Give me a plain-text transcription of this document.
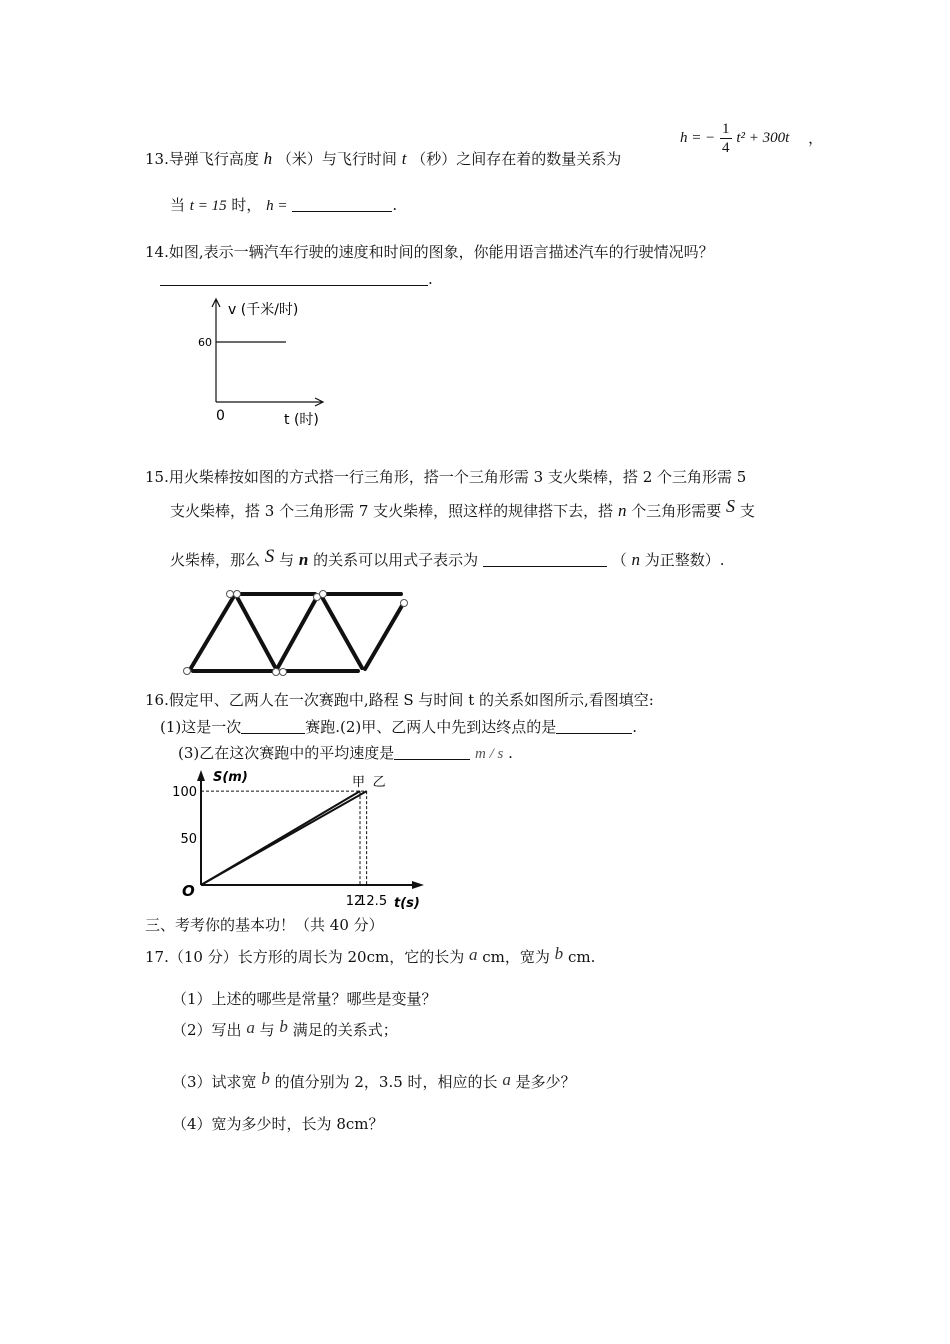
h = − $\frac{1}{4} t^2 + 300t$ ，
13.导弹飞行高度 h （米）与飞行时间 t （秒）之间存在着的数量关系为
当 t = 15 时， h =	.
14.如图,表示一辆汽车行驶的速度和时间的图象，你能用语言描述汽车的行驶情况吗？
.
v (千米/时)
60
0	t (时)
15.用火柴棒按如图的方式搭一行三角形，搭一个三角形需 3 支火柴棒，搭 2 个三角形需 5
支火柴棒，搭 3 个三角形需 7 支火柴棒，照这样的规律搭下去，搭 n 个三角形需要 S 支
火柴棒，那么 S 与 n 的关系可以用式子表示为	（ n 为正整数）.
16.假定甲、乙两人在一次赛跑中,路程 S 与时间 t 的关系如图所示,看图填空:
(1)这是一次	赛跑.(2)甲、乙两人中先到达终点的是	.
(3)乙在这次赛跑中的平均速度是	m / s .
S(m)
t(s)
O
甲 乙
100
50
12
12.5
三、考考你的基本功！（共 40 分）
17.（10 分）长方形的周长为 20cm，它的长为 a cm，宽为 b cm.
（1）上述的哪些是常量？哪些是变量？
（2）写出 a 与 b 满足的关系式；
（3）试求宽 b 的值分别为 2，3.5 时，相应的长 a 是多少？
（4）宽为多少时，长为 8cm？
